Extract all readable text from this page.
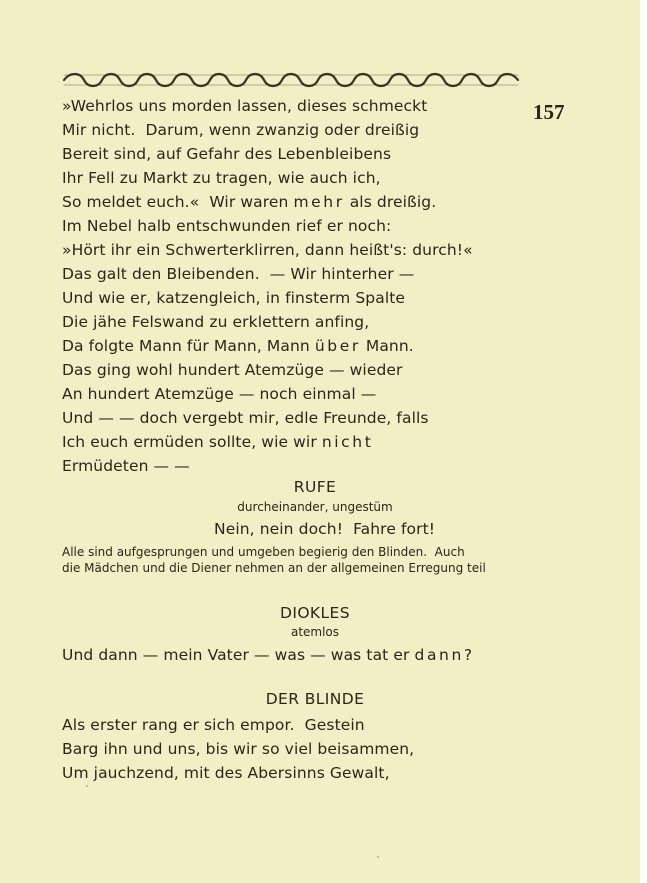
157
»Wehrlos uns morden lassen, dieses schmeckt
Mir nicht.  Darum, wenn zwanzig oder dreißig
Bereit sind, auf Gefahr des Lebenbleibens
Ihr Fell zu Markt zu tragen, wie auch ich,
So meldet euch.«  Wir waren mehr als dreißig.
Im Nebel halb entschwunden rief er noch:
»Hört ihr ein Schwerterklirren, dann heißt's: durch!«
Das galt den Bleibenden.  — Wir hinterher —
Und wie er, katzengleich, in finsterm Spalte
Die jähe Felswand zu erklettern anfing,
Da folgte Mann für Mann, Mann über Mann.
Das ging wohl hundert Atemzüge — wieder
An hundert Atemzüge — noch einmal —
Und — — doch vergebt mir, edle Freunde, falls
Ich euch ermüden sollte, wie wir nicht
Ermüdeten — —
RUFE
durcheinander, ungestüm
Nein, nein doch!  Fahre fort!
Alle sind aufgesprungen und umgeben begierig den Blinden.  Auch
die Mädchen und die Diener nehmen an der allgemeinen Erregung teil
DIOKLES
atemlos
Und dann — mein Vater — was — was tat er dann?
DER BLINDE
Als erster rang er sich empor.  Gestein
Barg ihn und uns, bis wir so viel beisammen,
Um jauchzend, mit des Abersinns Gewalt,
